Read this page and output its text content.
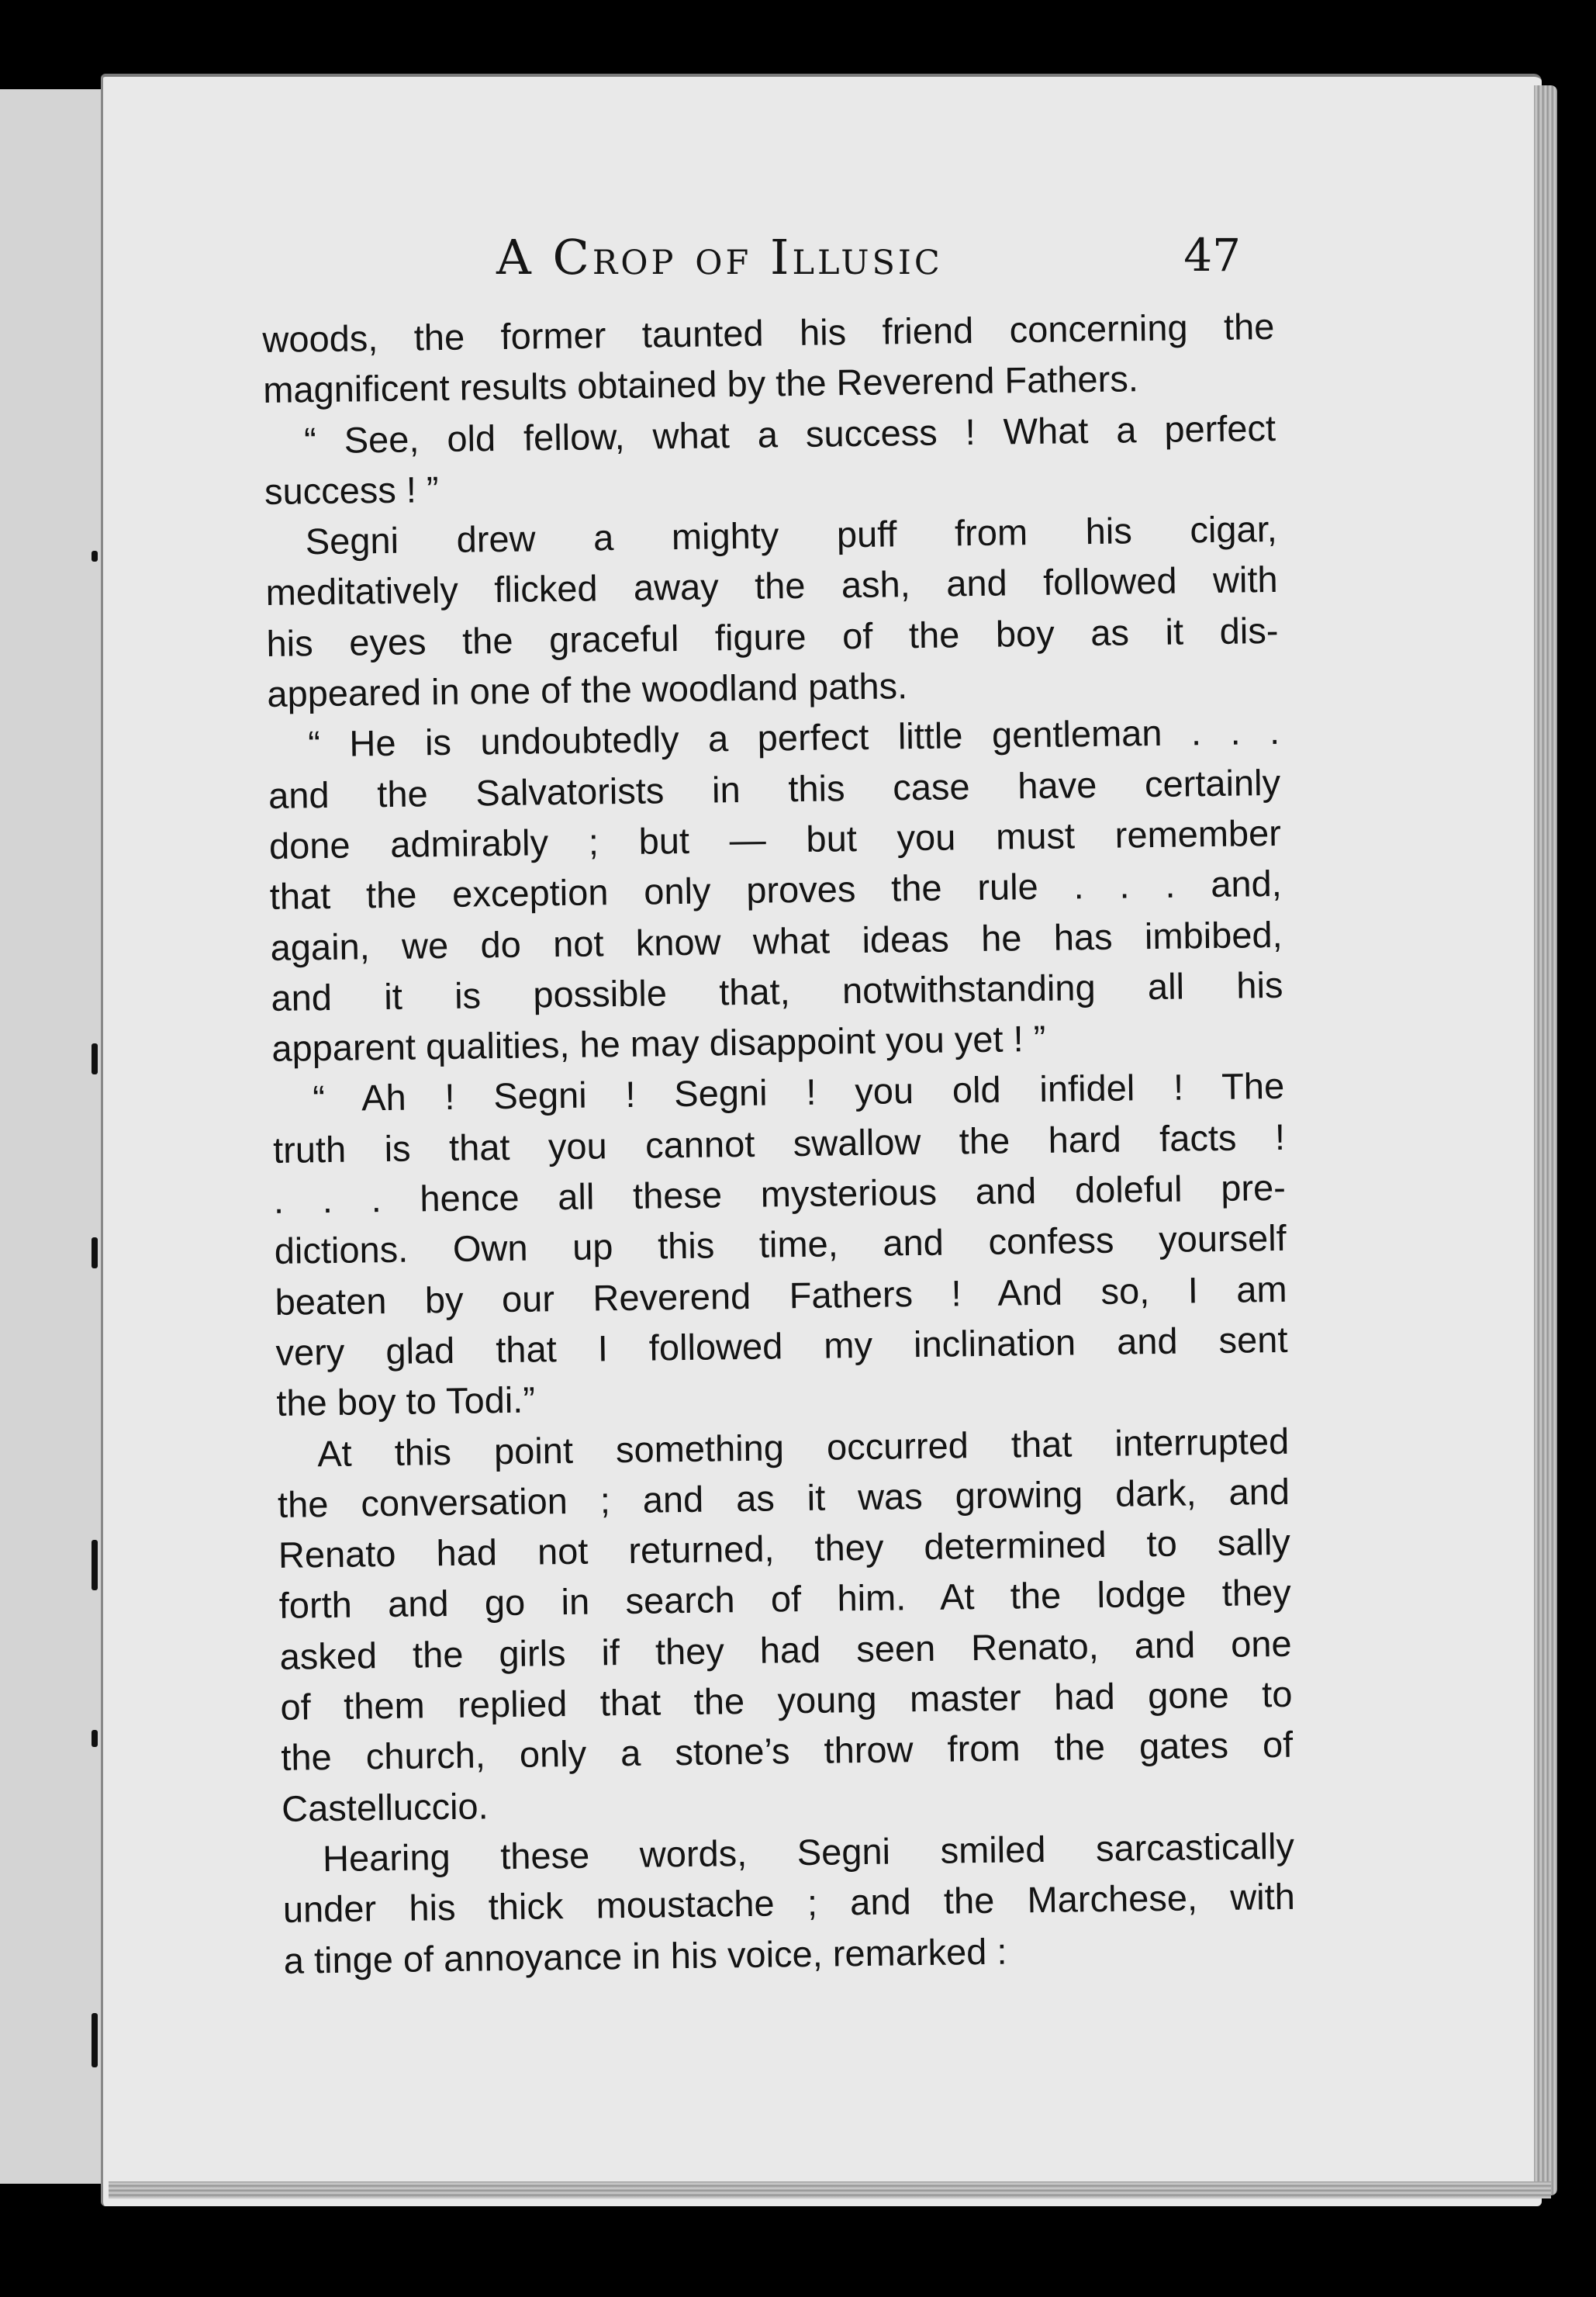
A Crop of Illusic	47
woods, the former taunted his friend concerning the
magnificent results obtained by the Reverend Fathers.
“ See, old fellow, what a success ! What a perfect
success ! ”
Segni drew a mighty puff from his cigar,
meditatively flicked away the ash, and followed with
his eyes the graceful figure of the boy as it dis-
appeared in one of the woodland paths.
“ He is undoubtedly a perfect little gentleman . . .
and the Salvatorists in this case have certainly
done admirably ; but — but you must remember
that the exception only proves the rule . . . and,
again, we do not know what ideas he has imbibed,
and it is possible that, notwithstanding all his
apparent qualities, he may disappoint you yet ! ”
“ Ah ! Segni ! Segni ! you old infidel ! The
truth is that you cannot swallow the hard facts !
. . . hence all these mysterious and doleful pre-
dictions. Own up this time, and confess yourself
beaten by our Reverend Fathers ! And so, I am
very glad that I followed my inclination and sent
the boy to Todi.”
At this point something occurred that interrupted
the conversation ; and as it was growing dark, and
Renato had not returned, they determined to sally
forth and go in search of him. At the lodge they
asked the girls if they had seen Renato, and one
of them replied that the young master had gone to
the church, only a stone’s throw from the gates of
Castelluccio.
Hearing these words, Segni smiled sarcastically
under his thick moustache ; and the Marchese, with
a tinge of annoyance in his voice, remarked :
